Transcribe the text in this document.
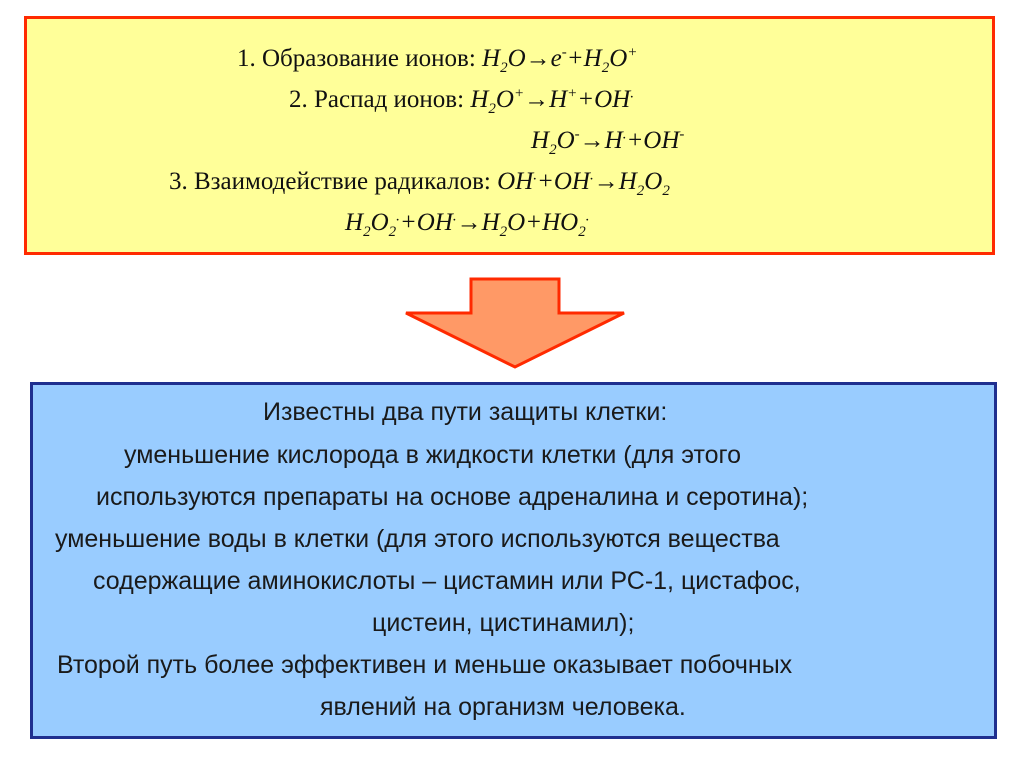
1. Образование ионов: $H_2O\to e^-+H_2O^+$
2. Распад ионов: $H_2O^+\to H^++OH^.$
$H_2O^-\to H^.+OH^-$
3. Взаимодействие радикалов: $OH^.+OH^.\to H_2O_2$
$H_2O_2^.+OH^.\to H_2O+HO_2^.$
Известны два пути защиты клетки:
уменьшение кислорода в жидкости клетки (для этого
используются препараты на основе адреналина и серотина);
уменьшение воды в клетки (для этого используются вещества
содержащие аминокислоты – цистамин или РС-1, цистафос,
цистеин, цистинамил);
Второй путь более эффективен и меньше оказывает побочных
явлений на организм человека.
